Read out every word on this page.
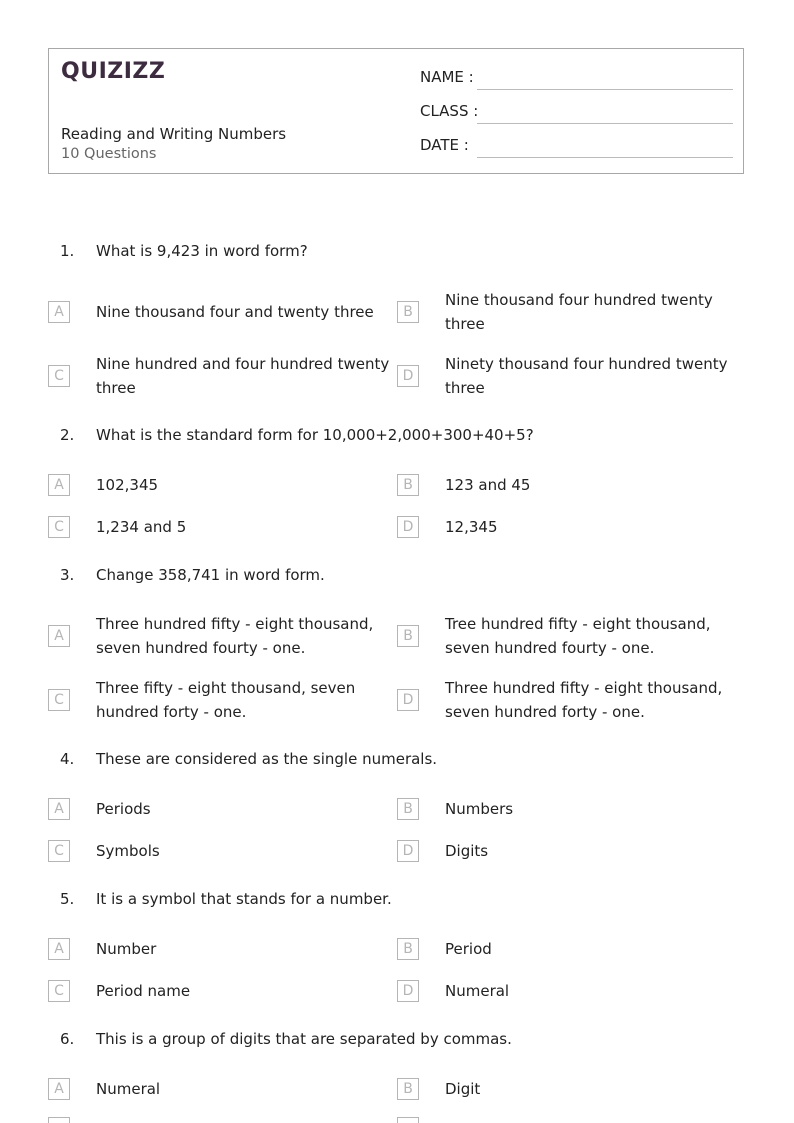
QUIZIZZ
Reading and Writing Numbers
10 Questions
NAME :
CLASS :
DATE :
1. What is 9,423 in word form?
A	Nine thousand four and twenty three	B
Nine thousand four hundred twenty three
C
Nine hundred and four hundred twenty three
D
Ninety thousand four hundred twenty three
2. What is the standard form for 10,000+2,000+300+40+5?
A	102,345	B	123 and 45
C	1,234 and 5	D	12,345
3. Change 358,741 in word form.
A
Three hundred fifty - eight thousand, seven hundred fourty - one.
B
Tree hundred fifty - eight thousand, seven hundred fourty - one.
C
Three fifty - eight thousand, seven hundred forty - one.
D
Three hundred fifty - eight thousand, seven hundred forty - one.
4. These are considered as the single numerals.
A	Periods	B	Numbers
C	Symbols	D	Digits
5. It is a symbol that stands for a number.
A	Number	B	Period
C	Period name	D	Numeral
6. This is a group of digits that are separated by commas.
A	Numeral	B	Digit
